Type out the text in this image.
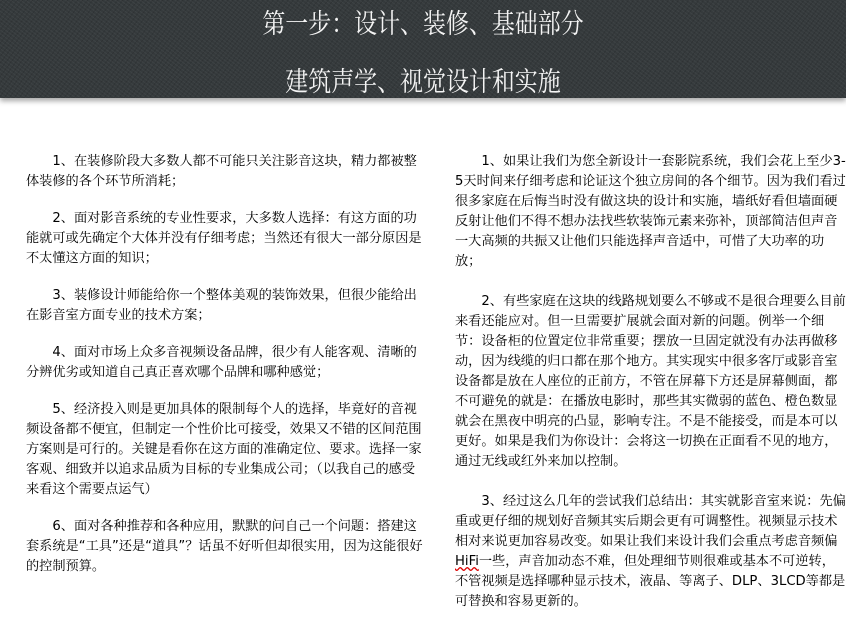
第一步：设计、装修、基础部分
建筑声学、视觉设计和实施

1、在装修阶段大多数人都不可能只关注影音这块，精力都被整体装修的各个环节所消耗；

2、面对影音系统的专业性要求，大多数人选择：有这方面的功能就可或先确定个大体并没有仔细考虑；当然还有很大一部分原因是不太懂这方面的知识；

3、装修设计师能给你一个整体美观的装饰效果，但很少能给出在影音室方面专业的技术方案；

4、面对市场上众多音视频设备品牌，很少有人能客观、清晰的分辨优劣或知道自己真正喜欢哪个品牌和哪种感觉；

5、经济投入则是更加具体的限制每个人的选择，毕竟好的音视频设备都不便宜，但制定一个性价比可接受，效果又不错的区间范围方案则是可行的。关键是看你在这方面的准确定位、要求。选择一家客观、细致并以追求品质为目标的专业集成公司；（以我自己的感受来看这个需要点运气）

6、面对各种推荐和各种应用，默默的问自己一个问题：搭建这套系统是“工具”还是“道具”？话虽不好听但却很实用，因为这能很好的控制预算。

1、如果让我们为您全新设计一套影院系统，我们会花上至少3-5天时间来仔细考虑和论证这个独立房间的各个细节。因为我们看过很多家庭在后悔当时没有做这块的设计和实施，墙纸好看但墙面硬反射让他们不得不想办法找些软装饰元素来弥补，顶部简洁但声音一大高频的共振又让他们只能选择声音适中，可惜了大功率的功放；

2、有些家庭在这块的线路规划要么不够或不是很合理要么目前来看还能应对。但一旦需要扩展就会面对新的问题。例举一个细节：设备柜的位置定位非常重要；摆放一旦固定就没有办法再做移动，因为线缆的归口都在那个地方。其实现实中很多客厅或影音室设备都是放在人座位的正前方，不管在屏幕下方还是屏幕侧面，都不可避免的就是：在播放电影时，那些其实微弱的蓝色、橙色数显就会在黑夜中明亮的凸显，影响专注。不是不能接受，而是本可以更好。如果是我们为你设计：会将这一切换在正面看不见的地方，通过无线或红外来加以控制。

3、经过这么几年的尝试我们总结出：其实就影音室来说：先偏重或更仔细的规划好音频其实后期会更有可调整性。视频显示技术相对来说更加容易改变。如果让我们来设计我们会重点考虑音频偏HiFi一些，声音加动态不难，但处理细节则很难或基本不可逆转，不管视频是选择哪种显示技术，液晶、等离子、DLP、3LCD等都是可替换和容易更新的。
